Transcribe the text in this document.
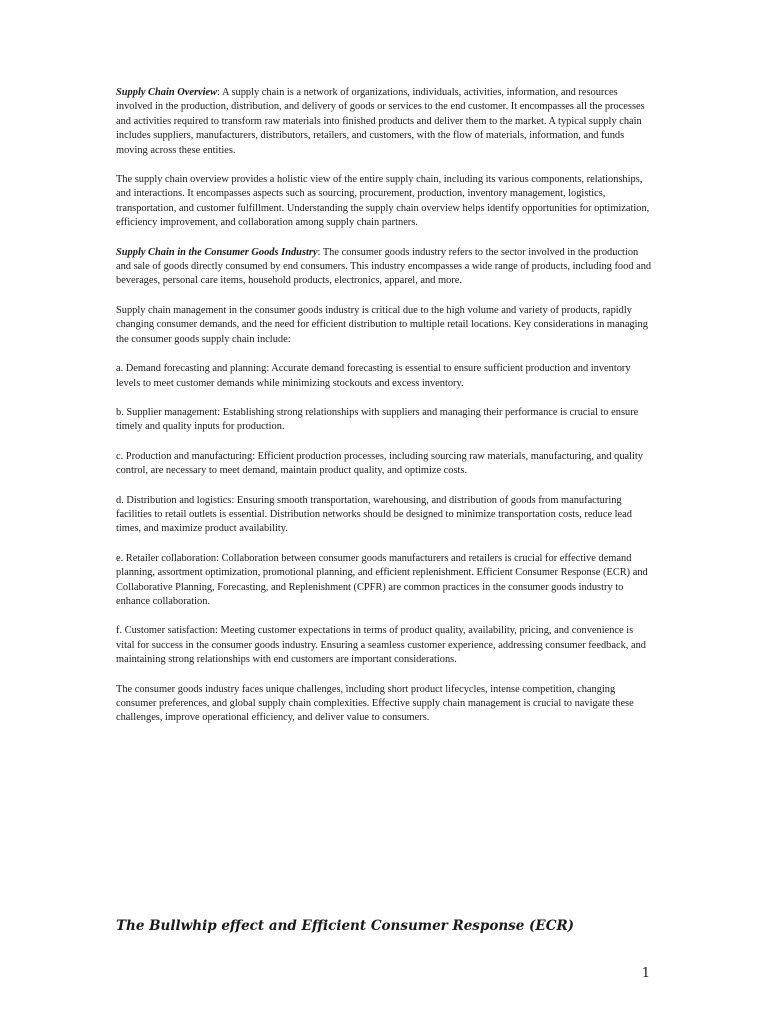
Supply Chain Overview: A supply chain is a network of organizations, individuals, activities, information, and resources involved in the production, distribution, and delivery of goods or services to the end customer. It encompasses all the processes and activities required to transform raw materials into finished products and deliver them to the market. A typical supply chain includes suppliers, manufacturers, distributors, retailers, and customers, with the flow of materials, information, and funds moving across these entities.

The supply chain overview provides a holistic view of the entire supply chain, including its various components, relationships, and interactions. It encompasses aspects such as sourcing, procurement, production, inventory management, logistics, transportation, and customer fulfillment. Understanding the supply chain overview helps identify opportunities for optimization, efficiency improvement, and collaboration among supply chain partners.

Supply Chain in the Consumer Goods Industry: The consumer goods industry refers to the sector involved in the production and sale of goods directly consumed by end consumers. This industry encompasses a wide range of products, including food and beverages, personal care items, household products, electronics, apparel, and more.

Supply chain management in the consumer goods industry is critical due to the high volume and variety of products, rapidly changing consumer demands, and the need for efficient distribution to multiple retail locations. Key considerations in managing the consumer goods supply chain include:

a. Demand forecasting and planning: Accurate demand forecasting is essential to ensure sufficient production and inventory levels to meet customer demands while minimizing stockouts and excess inventory.

b. Supplier management: Establishing strong relationships with suppliers and managing their performance is crucial to ensure timely and quality inputs for production.

c. Production and manufacturing: Efficient production processes, including sourcing raw materials, manufacturing, and quality control, are necessary to meet demand, maintain product quality, and optimize costs.

d. Distribution and logistics: Ensuring smooth transportation, warehousing, and distribution of goods from manufacturing facilities to retail outlets is essential. Distribution networks should be designed to minimize transportation costs, reduce lead times, and maximize product availability.

e. Retailer collaboration: Collaboration between consumer goods manufacturers and retailers is crucial for effective demand planning, assortment optimization, promotional planning, and efficient replenishment. Efficient Consumer Response (ECR) and Collaborative Planning, Forecasting, and Replenishment (CPFR) are common practices in the consumer goods industry to enhance collaboration.

f. Customer satisfaction: Meeting customer expectations in terms of product quality, availability, pricing, and convenience is vital for success in the consumer goods industry. Ensuring a seamless customer experience, addressing consumer feedback, and maintaining strong relationships with end customers are important considerations.

The consumer goods industry faces unique challenges, including short product lifecycles, intense competition, changing consumer preferences, and global supply chain complexities. Effective supply chain management is crucial to navigate these challenges, improve operational efficiency, and deliver value to consumers.

The Bullwhip effect and Efficient Consumer Response (ECR)
1
